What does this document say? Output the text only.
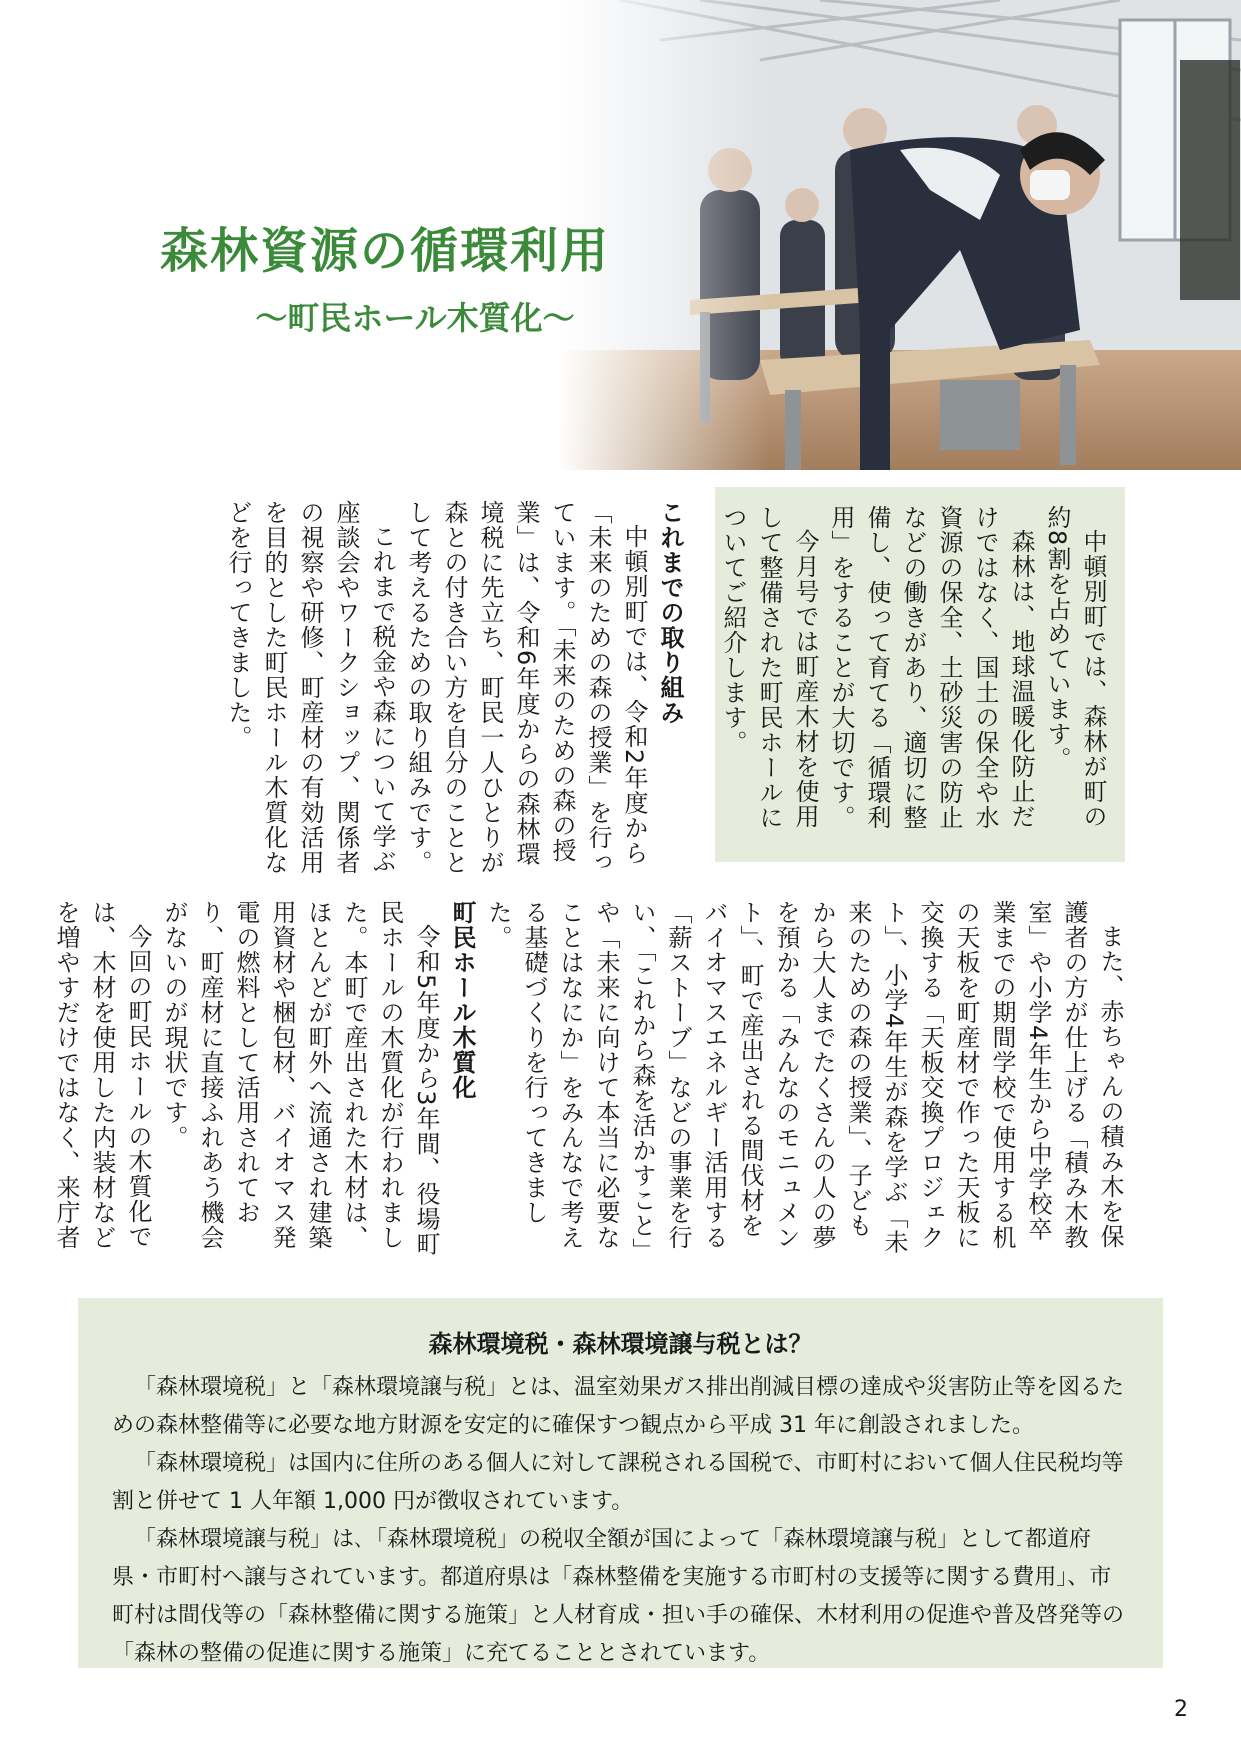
森林資源の循環利用
〜町民ホール木質化〜

中頓別町では、森林が町の約8割を占めています。

森林は、地球温暖化防止だけではなく、国土の保全や水資源の保全、土砂災害の防止などの働きがあり、適切に整備し、使って育てる「循環利用」をすることが大切です。

今月号では町産木材を使用して整備された町民ホールについてご紹介します。

これまでの取り組み

中頓別町では、令和2年度から「未来のための森の授業」を行っています。「未来のための森の授業」は、令和6年度からの森林環境税に先立ち、町民一人ひとりが森との付き合い方を自分のこととして考えるための取り組みです。

これまで税金や森について学ぶ座談会やワークショップ、関係者の視察や研修、町産材の有効活用を目的とした町民ホール木質化などを行ってきました。

また、赤ちゃんの積み木を保護者の方が仕上げる「積み木教室」や小学4年生から中学校卒業までの期間学校で使用する机の天板を町産材で作った天板に交換する「天板交換プロジェクト」、小学4年生が森を学ぶ「未来のための森の授業」、子どもから大人までたくさんの人の夢を預かる「みんなのモニュメント」、町で産出される間伐材をバイオマスエネルギー活用する「薪ストーブ」などの事業を行い、「これから森を活かすこと」や「未来に向けて本当に必要なことはなにか」をみんなで考える基礎づくりを行ってきました。

町民ホール木質化

令和5年度から3年間、役場町民ホールの木質化が行われました。本町で産出された木材は、ほとんどが町外へ流通され建築用資材や梱包材、バイオマス発電の燃料として活用されており、町産材に直接ふれあう機会がないのが現状です。

今回の町民ホールの木質化では、木材を使用した内装材などを増やすだけではなく、来庁者

森林環境税・森林環境譲与税とは？

「森林環境税」と「森林環境譲与税」とは、温室効果ガス排出削減目標の達成や災害防止等を図るための森林整備等に必要な地方財源を安定的に確保すつ観点から平成 31 年に創設されました。

「森林環境税」は国内に住所のある個人に対して課税される国税で、市町村において個人住民税均等割と併せて 1 人年額 1,000 円が徴収されています。

「森林環境譲与税」は､「森林環境税」の税収全額が国によって「森林環境譲与税」として都道府県・市町村へ譲与されています。都道府県は「森林整備を実施する市町村の支援等に関する費用」、市町村は間伐等の「森林整備に関する施策」と人材育成・担い手の確保、木材利用の促進や普及啓発等の「森林の整備の促進に関する施策」に充てることとされています。

2
